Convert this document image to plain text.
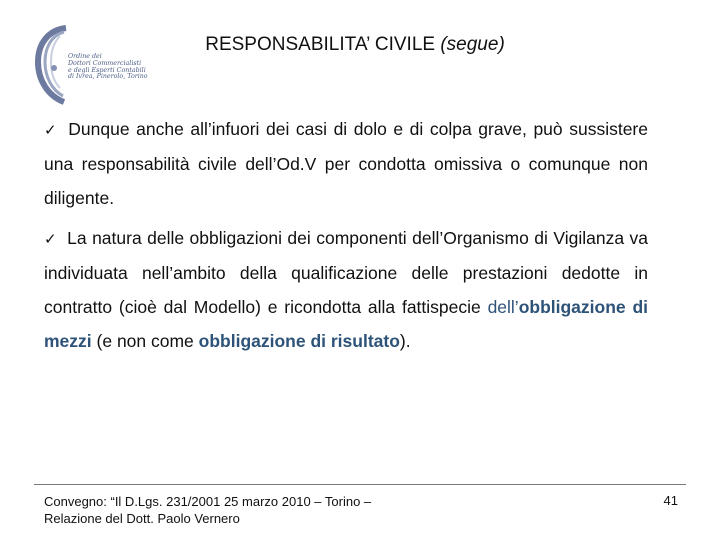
Ordine dei
Dottori Commercialisti
e degli Esperti Contabili
di Ivrea, Pinerolo, Torino
RESPONSABILITA’ CIVILE (segue)
✓ Dunque anche all’infuori dei casi di dolo e di colpa grave, può sussistere una responsabilità civile dell’Od.V per condotta omissiva o comunque non diligente.
✓ La natura delle obbligazioni dei componenti dell’Organismo di Vigilanza va individuata nell’ambito della qualificazione delle prestazioni dedotte in contratto (cioè dal Modello) e ricondotta alla fattispecie dell’obbligazione di mezzi (e non come obbligazione di risultato).
Convegno: “Il D.Lgs. 231/2001 25 marzo 2010 – Torino –
Relazione del Dott. Paolo Vernero
41
